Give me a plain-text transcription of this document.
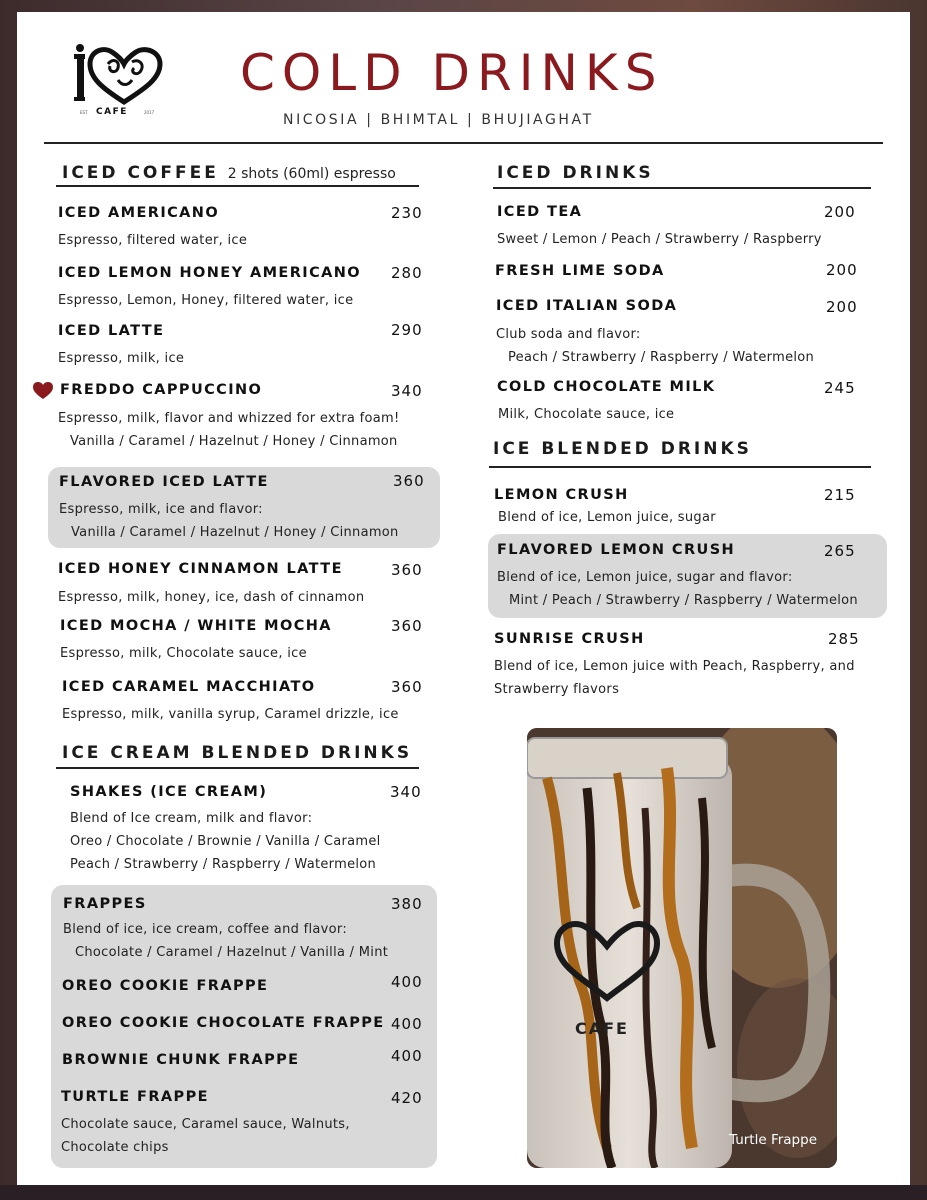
CAFE
EST	2017
COLD DRINKS
NICOSIA | BHIMTAL | BHUJIAGHAT
ICED COFFEE 2 shots (60ml) espresso
ICED AMERICANO	230
Espresso, filtered water, ice
ICED LEMON HONEY AMERICANO 280
Espresso, Lemon, Honey, filtered water, ice
ICED LATTE	290
Espresso, milk, ice
FREDDO CAPPUCCINO	340
Espresso, milk, flavor and whizzed for extra foam!
Vanilla / Caramel / Hazelnut / Honey / Cinnamon
FLAVORED ICED LATTE	360
Espresso, milk, ice and flavor:
Vanilla / Caramel / Hazelnut / Honey / Cinnamon
ICED HONEY CINNAMON LATTE	360
Espresso, milk, honey, ice, dash of cinnamon
ICED MOCHA / WHITE MOCHA	360
Espresso, milk, Chocolate sauce, ice
ICED CARAMEL MACCHIATO	360
Espresso, milk, vanilla syrup, Caramel drizzle, ice
ICE CREAM BLENDED DRINKS
SHAKES (ICE CREAM)	340
Blend of Ice cream, milk and flavor:
Oreo / Chocolate / Brownie / Vanilla / Caramel
Peach / Strawberry / Raspberry / Watermelon
FRAPPES	380
Blend of ice, ice cream, coffee and flavor:
Chocolate / Caramel / Hazelnut / Vanilla / Mint
OREO COOKIE FRAPPE	400
OREO COOKIE CHOCOLATE FRAPPE 400
BROWNIE CHUNK FRAPPE	400
TURTLE FRAPPE	420
Chocolate sauce, Caramel sauce, Walnuts,
Chocolate chips
ICED DRINKS
ICED TEA	200
Sweet / Lemon / Peach / Strawberry / Raspberry
FRESH LIME SODA	200
ICED ITALIAN SODA	200
Club soda and flavor:
Peach / Strawberry / Raspberry / Watermelon
COLD CHOCOLATE MILK	245
Milk, Chocolate sauce, ice
ICE BLENDED DRINKS
LEMON CRUSH	215
Blend of ice, Lemon juice, sugar
FLAVORED LEMON CRUSH	265
Blend of ice, Lemon juice, sugar and flavor:
Mint / Peach / Strawberry / Raspberry / Watermelon
SUNRISE CRUSH	285
Blend of ice, Lemon juice with Peach, Raspberry, and
Strawberry flavors
CAFE
Turtle Frappe
